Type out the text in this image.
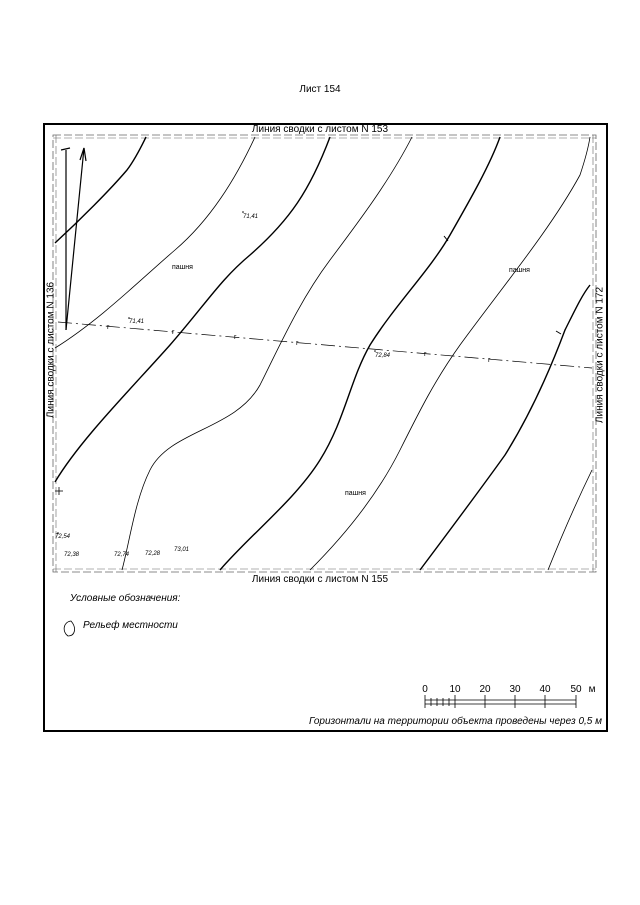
Лист 154
г
г
г
г
г
г
пашня	пашня
пашня
71,41
71,41
72,84
72,54
72,38	72,74	72,28
73,01
0 10 20 30 40 50 м
Линия сводки с листом N 153
Линия сводки с листом N 155
Линия сводки с листом N 136	Линия сводки с листом N 172
Условные обозначения:
Рельеф местности
Горизонтали на территории объекта проведены через 0,5 м
